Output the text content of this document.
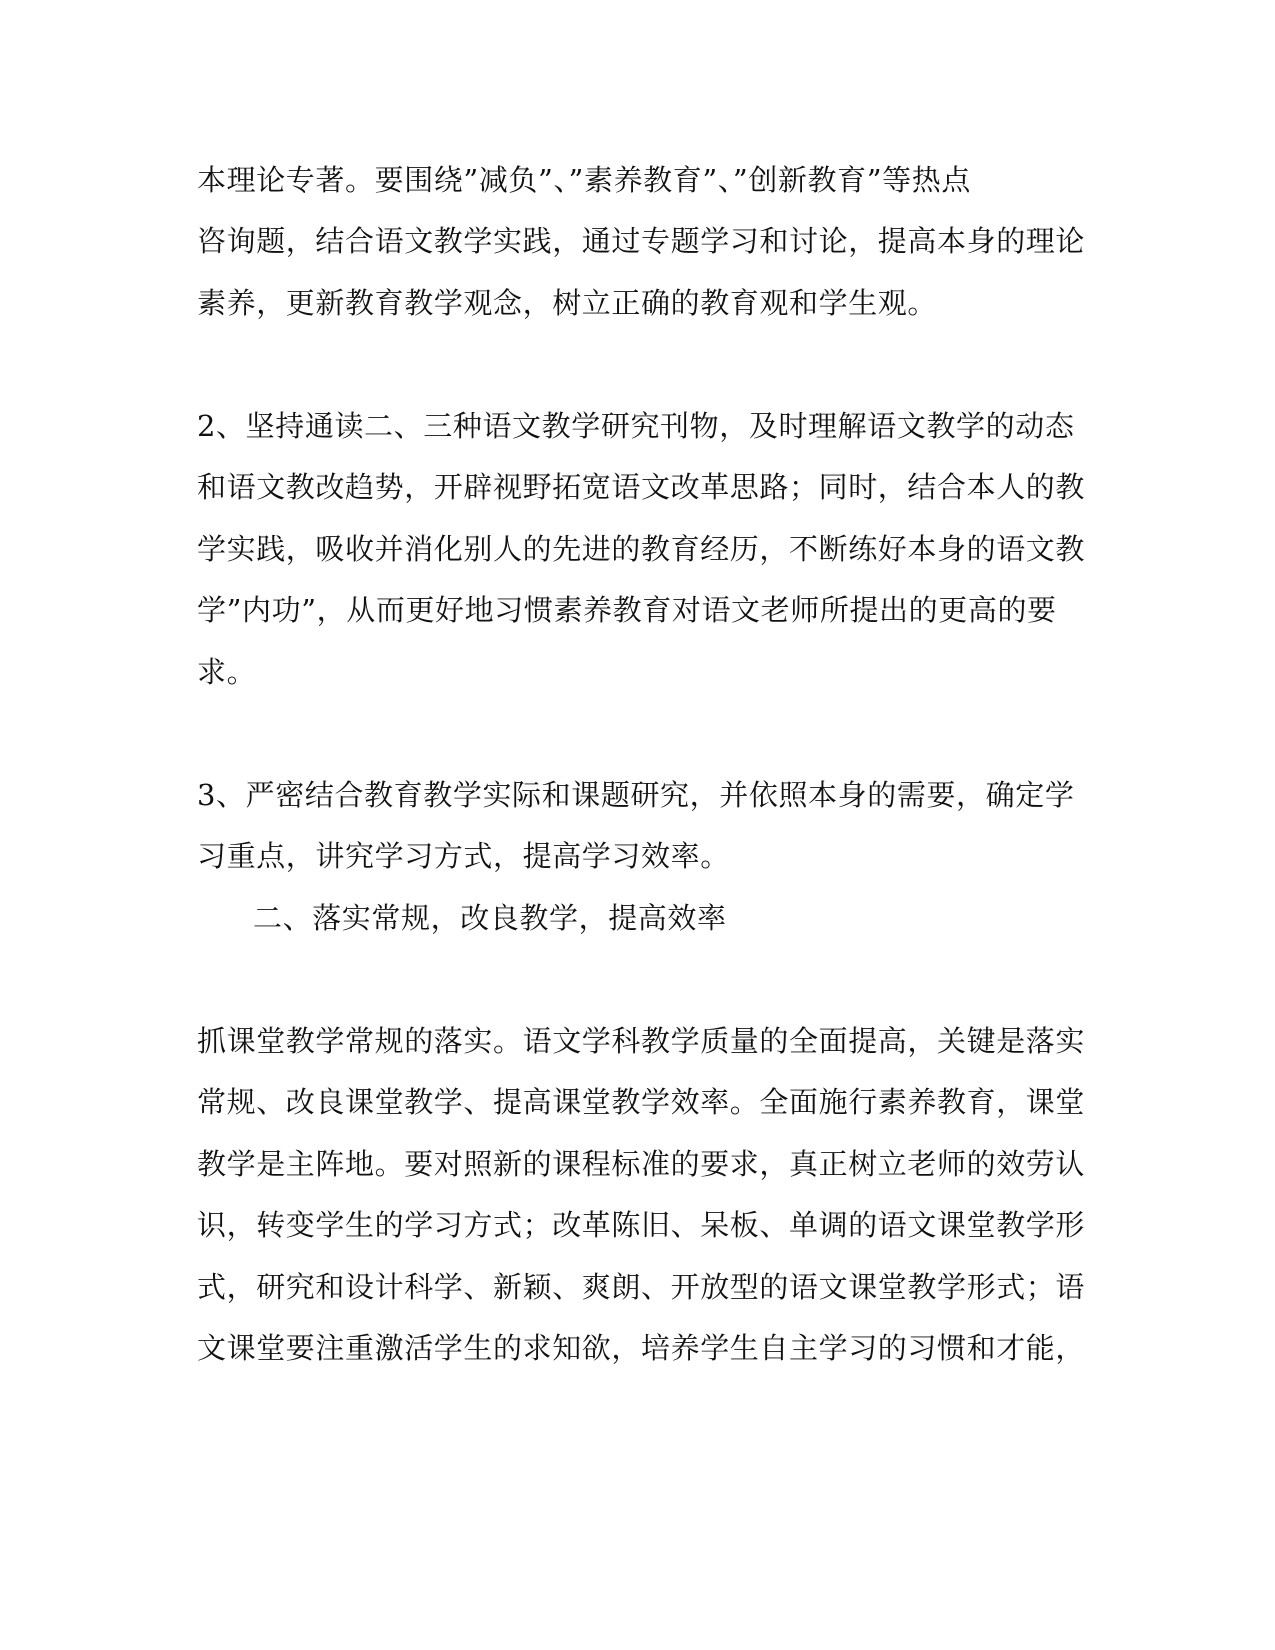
本理论专著。要围绕”减负”、”素养教育”、”创新教育”等热点
咨询题，结合语文教学实践，通过专题学习和讨论，提高本身的理论
素养，更新教育教学观念，树立正确的教育观和学生观。
2、坚持通读二、三种语文教学研究刊物，及时理解语文教学的动态
和语文教改趋势，开辟视野拓宽语文改革思路；同时，结合本人的教
学实践，吸收并消化别人的先进的教育经历，不断练好本身的语文教
学”内功”，从而更好地习惯素养教育对语文老师所提出的更高的要
求。
3、严密结合教育教学实际和课题研究，并依照本身的需要，确定学
习重点，讲究学习方式，提高学习效率。
二、落实常规，改良教学，提高效率
抓课堂教学常规的落实。语文学科教学质量的全面提高，关键是落实
常规、改良课堂教学、提高课堂教学效率。全面施行素养教育，课堂
教学是主阵地。要对照新的课程标准的要求，真正树立老师的效劳认
识，转变学生的学习方式；改革陈旧、呆板、单调的语文课堂教学形
式，研究和设计科学、新颖、爽朗、开放型的语文课堂教学形式；语
文课堂要注重激活学生的求知欲，培养学生自主学习的习惯和才能，
